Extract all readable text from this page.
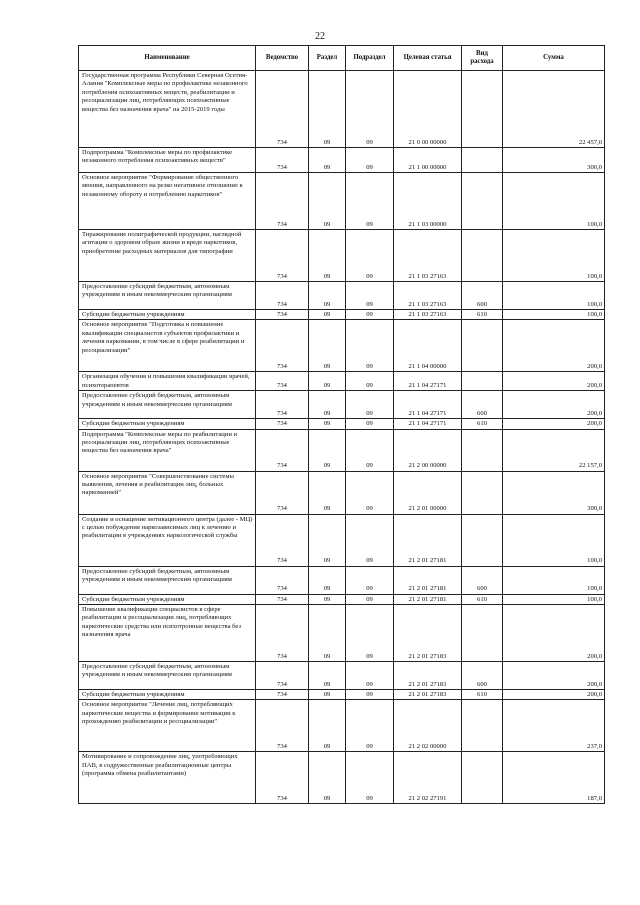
22
Наименование	Ведомство	Раздел	Подраздел	Целевая статья	Вид расхода	Сумма
Государственная программа Республики Северная Осетия-Алания "Комплексные меры по профилактике незаконного потребления психоактивных веществ, реабилитации и ресоциализации лиц, потребляющих психоактивные вещества без назначения врача" на 2015-2019 годы	734	09	09	21 0 00 00000		22 457,0
Подпрограмма "Комплексные меры по профилактике незаконного потребления психоактивных веществ"	734	09	09	21 1 00 00000		300,0
Основное мероприятие "Формирование общественного мнения, направленного на резко негативное отношение к незаконному обороту и потреблению наркотиков"	734	09	09	21 1 03 00000		100,0
Тиражирование полиграфической продукции, наглядной агитации о здоровом образе жизни и вреде наркотиков, приобретение расходных материалов для типографии	734	09	09	21 1 03 27163		100,0
Предоставление субсидий бюджетным, автономным учреждениям и иным некоммерческим организациям	734	09	09	21 1 03 27163	600	100,0
Субсидии бюджетным учреждениям	734	09	09	21 1 03 27163	610	100,0
Основное мероприятие "Подготовка и повышение квалификации специалистов субъектов профилактики и лечения наркомании, в том числе в сфере реабилитации и ресоциализации"	734	09	09	21 1 04 00000		200,0
Организация обучения и повышения квалификации врачей, психотерапевтов	734	09	09	21 1 04 27171		200,0
Предоставление субсидий бюджетным, автономным учреждениям и иным некоммерческим организациям	734	09	09	21 1 04 27171	600	200,0
Субсидии бюджетным учреждениям	734	09	09	21 1 04 27171	610	200,0
Подпрограмма "Комплексные меры по реабилитации и ресоциализации лиц, потребляющих психоактивные вещества без назначения врача"	734	09	09	21 2 00 00000		22 157,0
Основное мероприятие "Совершенствование системы выявления, лечения и реабилитации лиц, больных наркоманией"	734	09	09	21 2 01 00000		300,0
Создание и оснащение мотивационного центра (далее - МЦ) с целью побуждения наркозависимых лиц к лечению и реабилитации в учреждениях наркологической службы	734	09	09	21 2 01 27181		100,0
Предоставление субсидий бюджетным, автономным учреждениям и иным некоммерческим организациям	734	09	09	21 2 01 27181	600	100,0
Субсидии бюджетным учреждениям	734	09	09	21 2 01 27181	610	100,0
Повышение квалификации специалистов в сфере реабилитации и ресоциализации лиц, потребляющих наркотические средства или психотропные вещества без назначения врача	734	09	09	21 2 01 27183		200,0
Предоставление субсидий бюджетным, автономным учреждениям и иным некоммерческим организациям	734	09	09	21 2 01 27183	600	200,0
Субсидии бюджетным учреждениям	734	09	09	21 2 01 27183	610	200,0
Основное мероприятие "Лечение лиц, потребляющих наркотические вещества и формирование мотивации к прохождению реабилитации и ресоциализации"	734	09	09	21 2 02 00000		237,0
Мотивирование и сопровождение лиц, употребляющих ПАВ, в содружественные реабилитационные центры (программа обмена реабилитантами)	734	09	09	21 2 02 27191		187,0
